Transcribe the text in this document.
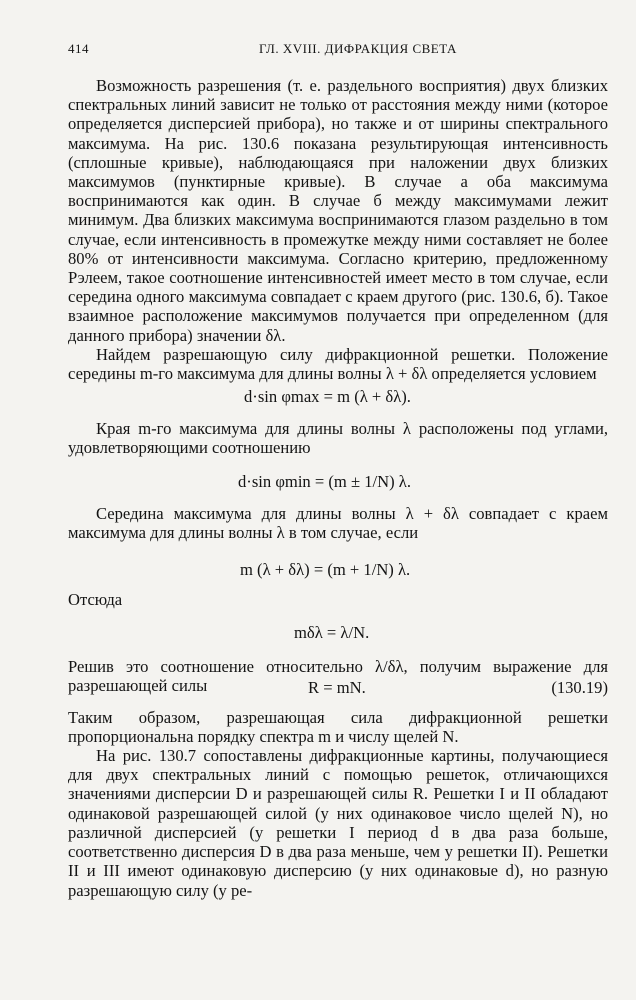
414	ГЛ. XVIII. ДИФРАКЦИЯ СВЕТА

Возможность разрешения (т. е. раздельного восприятия) двух близких спектральных линий зависит не только от расстояния между ними (которое определяется дисперсией прибора), но также и от ширины спектрального максимума. На рис. 130.6 показана результирующая интенсивность (сплошные кривые), наблюдающаяся при наложении двух близких максимумов (пунктирные кривые). В случае а оба максимума воспринимаются как один. В случае б между максимумами лежит минимум. Два близких максимума воспринимаются глазом раздельно в том случае, если интенсивность в промежутке между ними составляет не более 80% от интенсивности максимума. Согласно критерию, предложенному Рэлеем, такое соотношение интенсивностей имеет место в том случае, если середина одного максимума совпадает с краем другого (рис. 130.6, б). Такое взаимное расположение максимумов получается при определенном (для данного прибора) значении δλ.

Найдем разрешающую силу дифракционной решетки. Положение середины m-го максимума для длины волны λ + δλ определяется условием

d·sin φmax = m (λ + δλ).

Края m-го максимума для длины волны λ расположены под углами, удовлетворяющими соотношению

d·sin φmin = (m ± 1/N) λ.

Середина максимума для длины волны λ + δλ совпадает с краем максимума для длины волны λ в том случае, если

m (λ + δλ) = (m + 1/N) λ.

Отсюда

mδλ = λ/N.

Решив это соотношение относительно λ/δλ, получим выражение для разрешающей силы	R = mN.	(130.19)

Таким образом, разрешающая сила дифракционной решетки пропорциональна порядку спектра m и числу щелей N.

На рис. 130.7 сопоставлены дифракционные картины, получающиеся для двух спектральных линий с помощью решеток, отличающихся значениями дисперсии D и разрешающей силы R. Решетки I и II обладают одинаковой разрешающей силой (у них одинаковое число щелей N), но различной дисперсией (у решетки I период d в два раза больше, соответственно дисперсия D в два раза меньше, чем у решетки II). Решетки II и III имеют одинаковую дисперсию (у них одинаковые d), но разную разрешающую силу (у ре-
